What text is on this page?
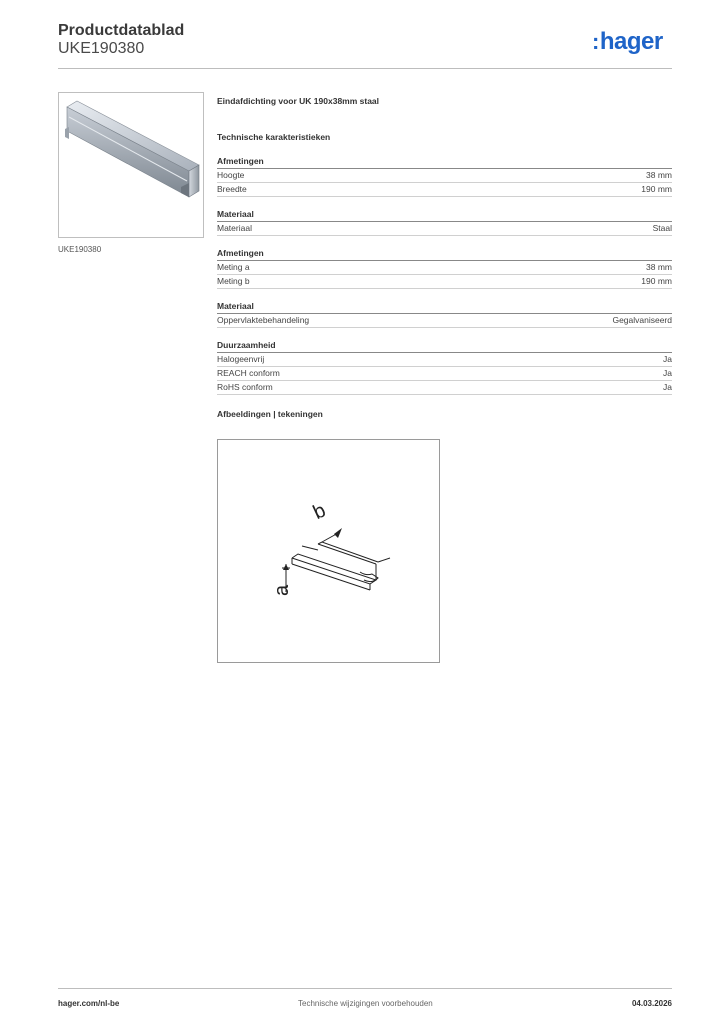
Productdatablad
UKE190380	:hager
UKE190380
Eindafdichting voor UK 190x38mm staal
Technische karakteristieken
Afmetingen
Hoogte	38 mm
Breedte	190 mm
Materiaal
Materiaal	Staal
Afmetingen
Meting a	38 mm
Meting b	190 mm
Materiaal
Oppervlaktebehandeling	Gegalvaniseerd
Duurzaamheid
Halogeenvrij	Ja
REACH conform	Ja
RoHS conform	Ja
Afbeeldingen | tekeningen
b
a
hager.com/nl-be	Technische wijzigingen voorbehouden	04.03.2026
